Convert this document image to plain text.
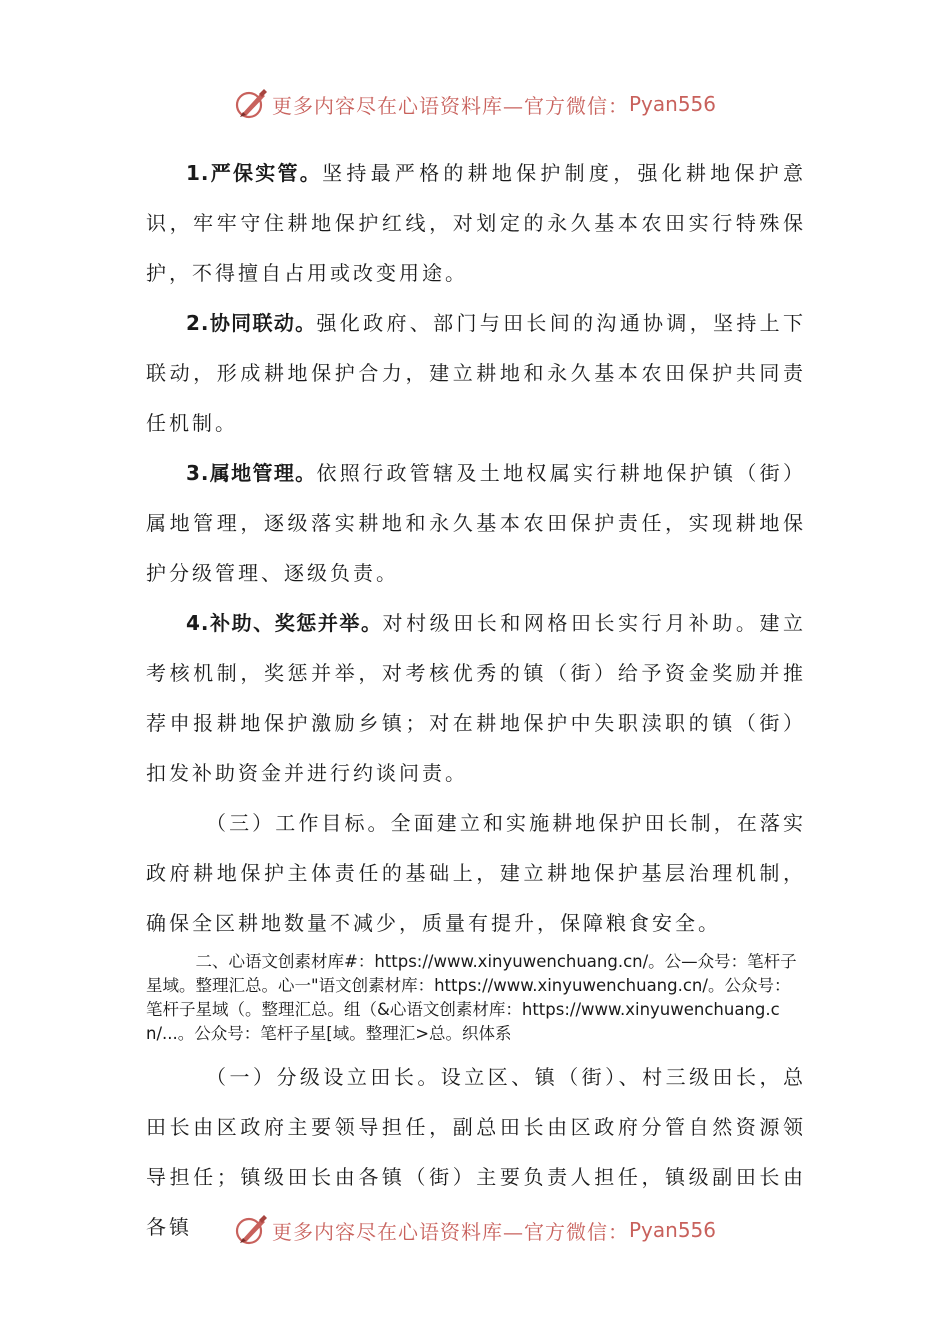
更多内容尽在心语资料库—官方微信： Pyan556

1.严保实管。坚持最严格的耕地保护制度，强化耕地保护意识，牢牢守住耕地保护红线，对划定的永久基本农田实行特殊保护，不得擅自占用或改变用途。

2.协同联动。强化政府、部门与田长间的沟通协调，坚持上下联动，形成耕地保护合力，建立耕地和永久基本农田保护共同责任机制。

3.属地管理。依照行政管辖及土地权属实行耕地保护镇（街）属地管理，逐级落实耕地和永久基本农田保护责任，实现耕地保护分级管理、逐级负责。

4.补助、奖惩并举。对村级田长和网格田长实行月补助。建立考核机制，奖惩并举，对考核优秀的镇（街）给予资金奖励并推荐申报耕地保护激励乡镇；对在耕地保护中失职渎职的镇（街）扣发补助资金并进行约谈问责。

（三）工作目标。全面建立和实施耕地保护田长制，在落实政府耕地保护主体责任的基础上，建立耕地保护基层治理机制，确保全区耕地数量不减少，质量有提升，保障粮食安全。

二、心语文创素材库#：https://www.xinyuwenchuang.cn/。公—众号：笔杆子星域。整理汇总。心一"语文创素材库：https://www.xinyuwenchuang.cn/。公众号：笔杆子星域（。整理汇总。组（&心语文创素材库：https://www.xinyuwenchuang.cn/...。公众号：笔杆子星[域。整理汇>总。织体系

（一）分级设立田长。设立区、镇（街）、村三级田长，总田长由区政府主要领导担任，副总田长由区政府分管自然资源领导担任；镇级田长由各镇（街）主要负责人担任，镇级副田长由各镇	更多内容尽在心语资料库—官方微信： Pyan556
